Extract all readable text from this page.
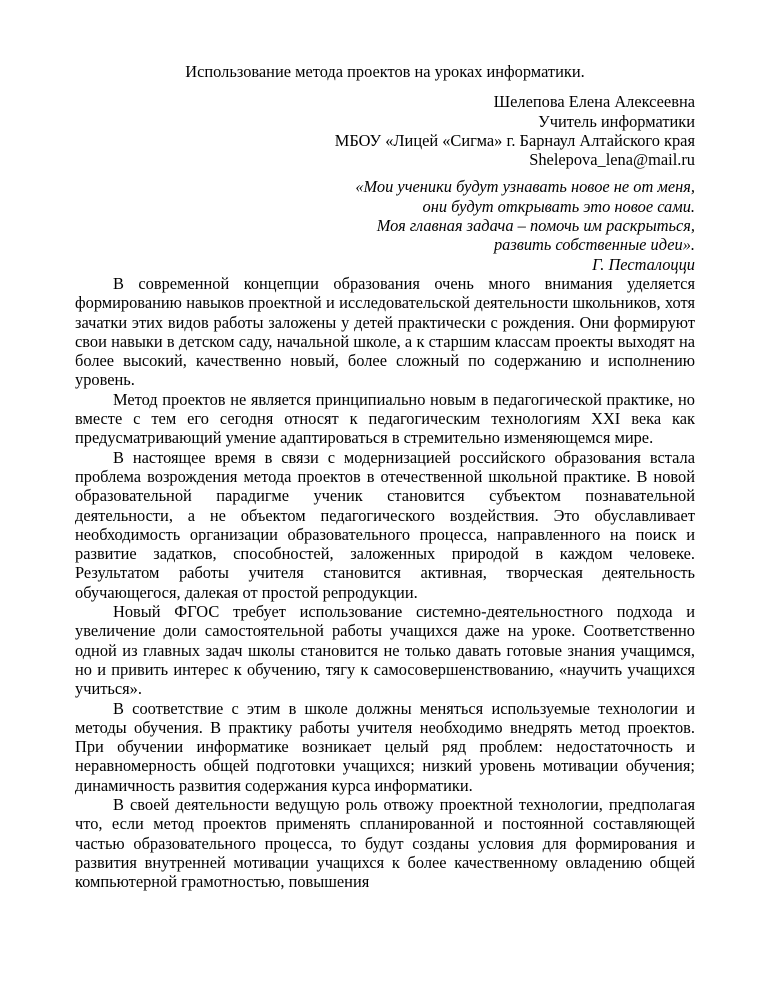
Использование метода проектов на уроках информатики.
Шелепова Елена Алексеевна
Учитель информатики
МБОУ «Лицей «Сигма» г. Барнаул Алтайского края
Shelepova_lena@mail.ru
«Мои ученики будут узнавать новое не от меня,
они будут открывать это новое сами.
Моя главная задача – помочь им раскрыться,
развить собственные идеи».
Г. Песталоцци

В современной концепции образования очень много внимания уделяется формированию навыков проектной и исследовательской деятельности школьников, хотя зачатки этих видов работы заложены у детей практически с рождения. Они формируют свои навыки в детском саду, начальной школе, а к старшим классам проекты выходят на более высокий, качественно новый, более сложный по содержанию и исполнению уровень.

Метод проектов не является принципиально новым в педагогической практике, но вместе с тем его сегодня относят к педагогическим технологиям XXI века как предусматривающий умение адаптироваться в стремительно изменяющемся мире.

В настоящее время в связи с модернизацией российского образования встала проблема возрождения метода проектов в отечественной школьной практике. В новой образовательной парадигме ученик становится субъектом познавательной деятельности, а не объектом педагогического воздействия. Это обуславливает необходимость организации образовательного процесса, направленного на поиск и развитие задатков, способностей, заложенных природой в каждом человеке. Результатом работы учителя становится активная, творческая деятельность обучающегося, далекая от простой репродукции.

Новый ФГОС требует использование системно-деятельностного подхода и увеличение доли самостоятельной работы учащихся даже на уроке. Соответственно одной из главных задач школы становится не только давать готовые знания учащимся, но и привить интерес к обучению, тягу к самосовершенствованию, «научить учащихся учиться».

В соответствие с этим в школе должны меняться используемые технологии и методы обучения. В практику работы учителя необходимо внедрять метод проектов. При обучении информатике возникает целый ряд проблем: недостаточность и неравномерность общей подготовки учащихся; низкий уровень мотивации обучения; динамичность развития содержания курса информатики.

В своей деятельности ведущую роль отвожу проектной технологии, предполагая что, если метод проектов применять спланированной и постоянной составляющей частью образовательного процесса, то будут созданы условия для формирования и развития внутренней мотивации учащихся к более качественному овладению общей компьютерной грамотностью, повышения
